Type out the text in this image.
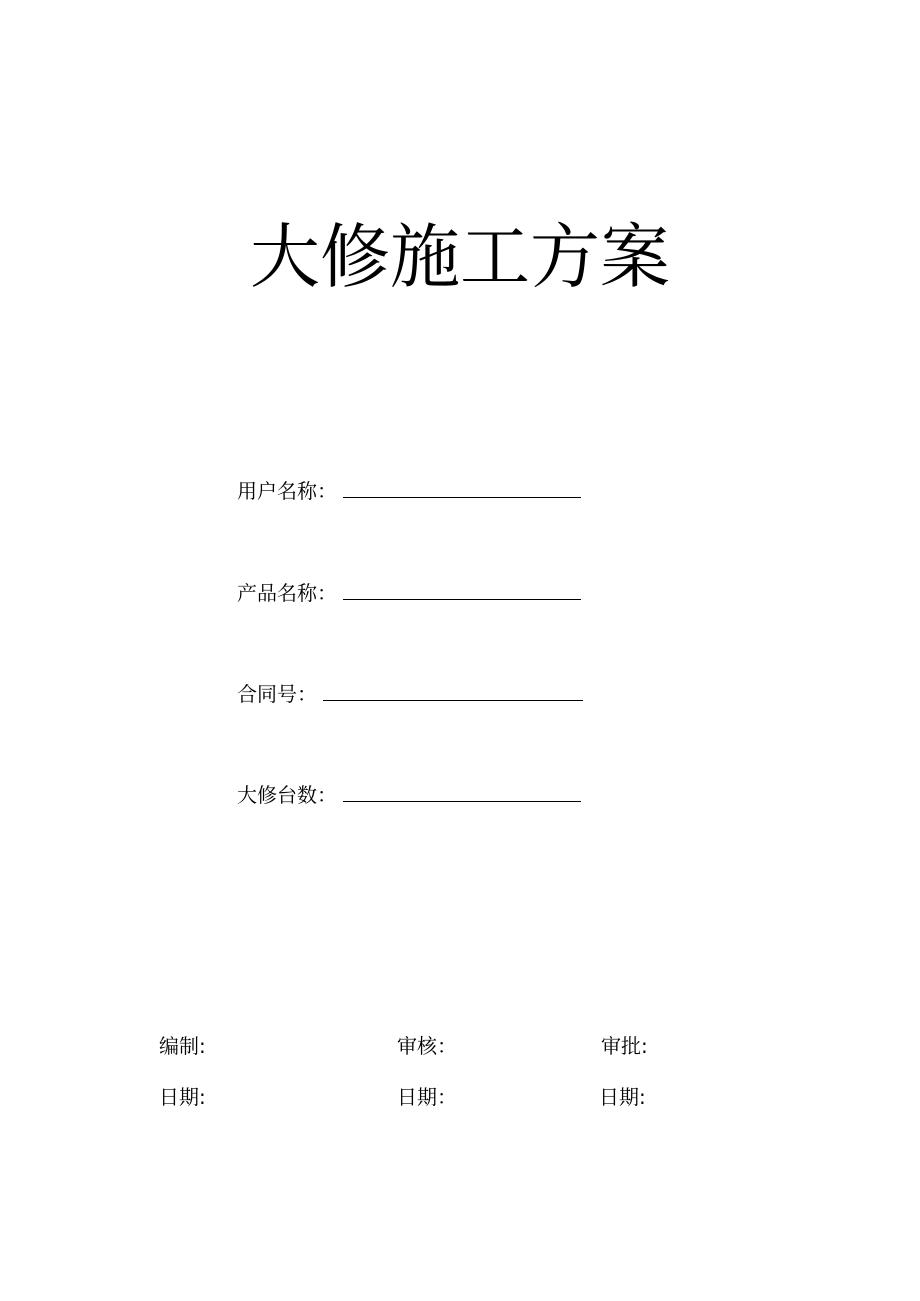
大修施工方案
用户名称：
产品名称：
合同号：
大修台数：
编制:	审核：	审批:
日期:	日期：	日期:
